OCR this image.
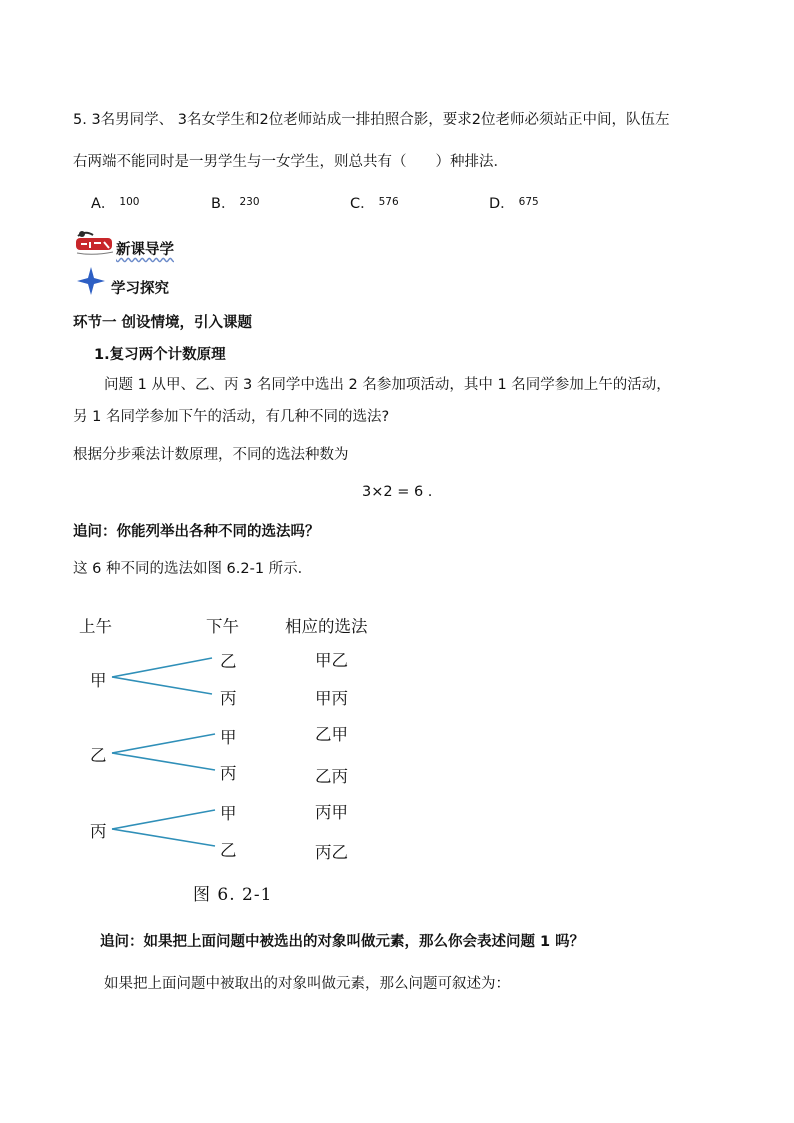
5. 3名男同学、 3名女学生和2位老师站成一排拍照合影，要求2位老师必须站正中间，队伍左
右两端不能同时是一男学生与一女学生，则总共有（　　）种排法．
A． $^{100}$	B． $^{230}$	C． $^{576}$	D． $^{675}$
新课导学
学习探究
环节一 创设情境，引入课题
1.复习两个计数原理
问题 1 从甲、乙、丙 3 名同学中选出 2 名参加项活动，其中 1 名同学参加上午的活动，
另 1 名同学参加下午的活动，有几种不同的选法?
根据分步乘法计数原理，不同的选法种数为
3×2 = 6 .
追问：你能列举出各种不同的选法吗？
这 6 种不同的选法如图 6.2-1 所示．
上午	下午	相应的选法
甲
乙
丙
甲乙
甲丙
乙
甲
丙
乙甲
乙丙
丙
甲
乙
丙甲
丙乙
图 6. 2-1
追问：如果把上面问题中被选出的对象叫做元素，那么你会表述问题 1 吗？
如果把上面问题中被取出的对象叫做元素，那么问题可叙述为：
